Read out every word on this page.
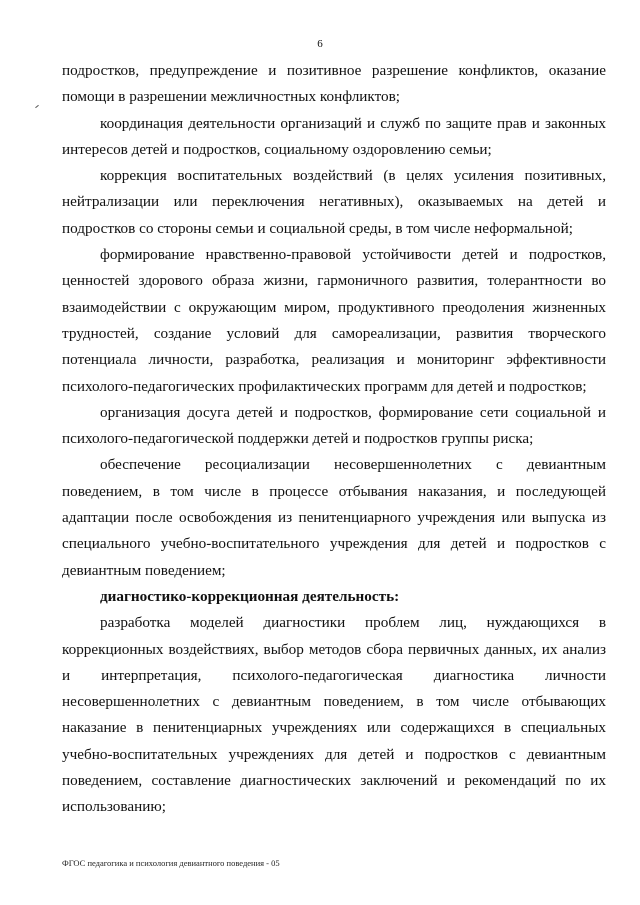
6

подростков, предупреждение и позитивное разрешение конфликтов, оказание помощи в разрешении межличностных конфликтов;

координация деятельности организаций и служб по защите прав и законных интересов детей и подростков, социальному оздоровлению семьи;

коррекция воспитательных воздействий (в целях усиления позитивных, нейтрализации или переключения негативных), оказываемых на детей и подростков со стороны семьи и социальной среды, в том числе неформальной;

формирование нравственно-правовой устойчивости детей и подростков, ценностей здорового образа жизни, гармоничного развития, толерантности во взаимодействии с окружающим миром, продуктивного преодоления жизненных трудностей, создание условий для самореализации, развития творческого потенциала личности, разработка, реализация и мониторинг эффективности психолого-педагогических профилактических программ для детей и подростков;

организация досуга детей и подростков, формирование сети социальной и психолого-педагогической поддержки детей и подростков группы риска;

обеспечение ресоциализации несовершеннолетних с девиантным поведением, в том числе в процессе отбывания наказания, и последующей адаптации после освобождения из пенитенциарного учреждения или выпуска из специального учебно-воспитательного учреждения для детей и подростков с девиантным поведением;

диагностико-коррекционная деятельность:

разработка моделей диагностики проблем лиц, нуждающихся в коррекционных воздействиях, выбор методов сбора первичных данных, их анализ и интерпретация, психолого-педагогическая диагностика личности несовершеннолетних с девиантным поведением, в том числе отбывающих наказание в пенитенциарных учреждениях или содержащихся в специальных учебно-воспитательных учреждениях для детей и подростков с девиантным поведением, составление диагностических заключений и рекомендаций по их использованию;

ФГОС педагогика и психология девиантного поведения - 05
